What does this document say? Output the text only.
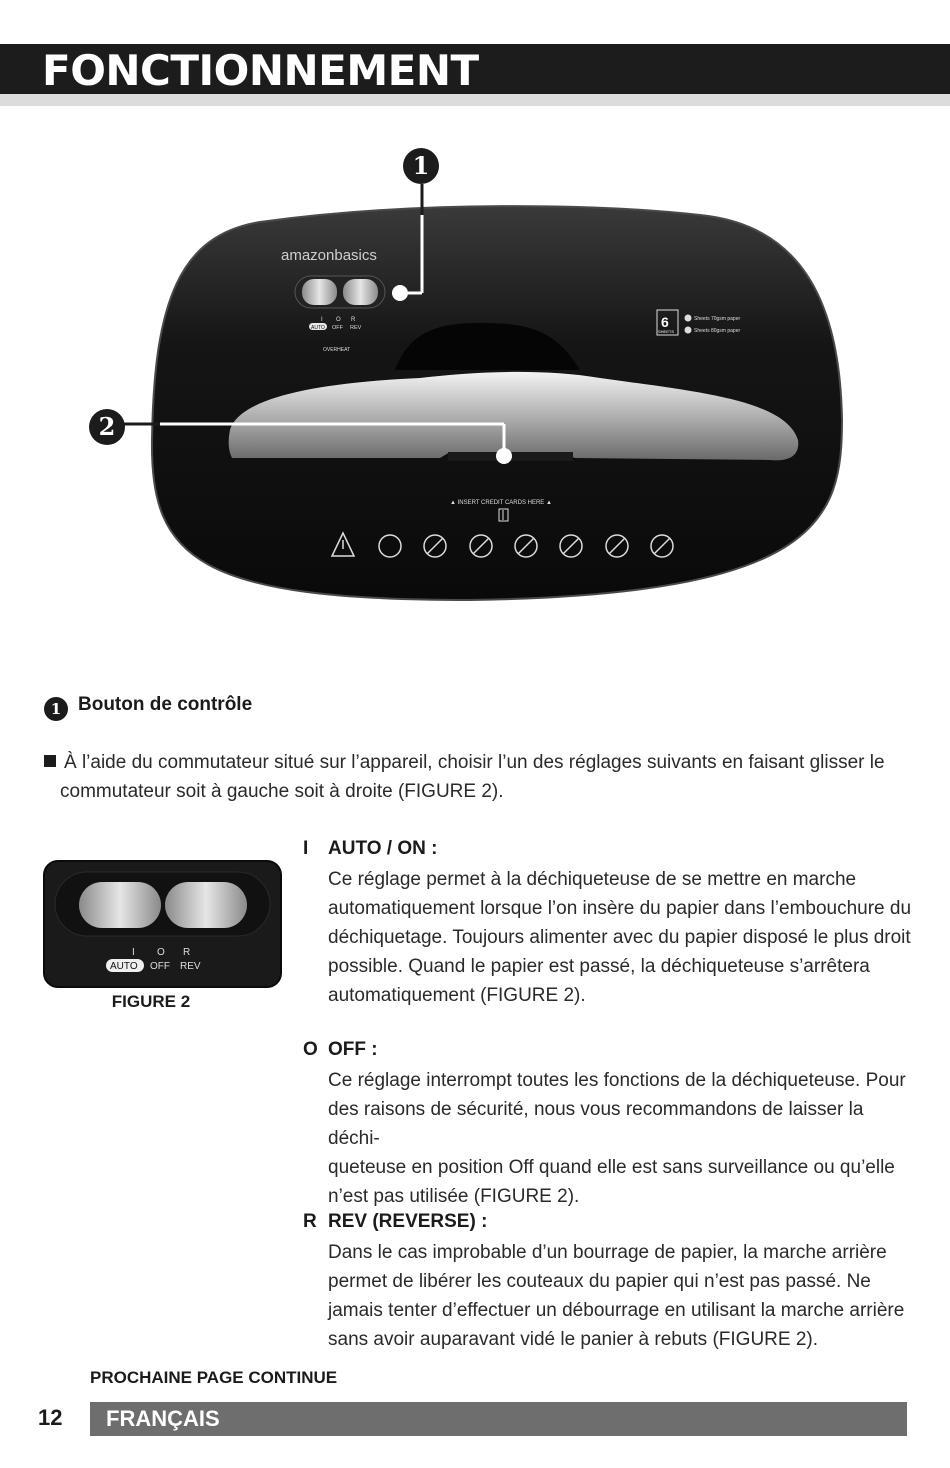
FONCTIONNEMENT
amazonbasics
I O R
AUTO OFF REV
OVERHEAT
6
SHEETS
Sheets 70gsm paper
Sheets 80gsm paper
▲ INSERT CREDIT CARDS HERE ▲
1
2
1 Bouton de contrôle
À l’aide du commutateur situé sur l’appareil, choisir l’un des réglages suivants en faisant glisser le
commutateur soit à gauche soit à droite (FIGURE 2).
I O R
AUTO OFF REV
FIGURE 2
I AUTO / ON :
Ce réglage permet à la déchiqueteuse de se mettre en marche
automatiquement lorsque l’on insère du papier dans l’embouchure du
déchiquetage. Toujours alimenter avec du papier disposé le plus droit
possible. Quand le papier est passé, la déchiqueteuse s’arrêtera
automatiquement (FIGURE 2).
O OFF :
Ce réglage interrompt toutes les fonctions de la déchiqueteuse. Pour
des raisons de sécurité, nous vous recommandons de laisser la déchi-
queteuse en position Off quand elle est sans surveillance ou qu’elle
n’est pas utilisée (FIGURE 2).
R REV (REVERSE) :
Dans le cas improbable d’un bourrage de papier, la marche arrière
permet de libérer les couteaux du papier qui n’est pas passé. Ne
jamais tenter d’effectuer un débourrage en utilisant la marche arrière
sans avoir auparavant vidé le panier à rebuts (FIGURE 2).
PROCHAINE PAGE CONTINUE
12 FRANÇAIS
